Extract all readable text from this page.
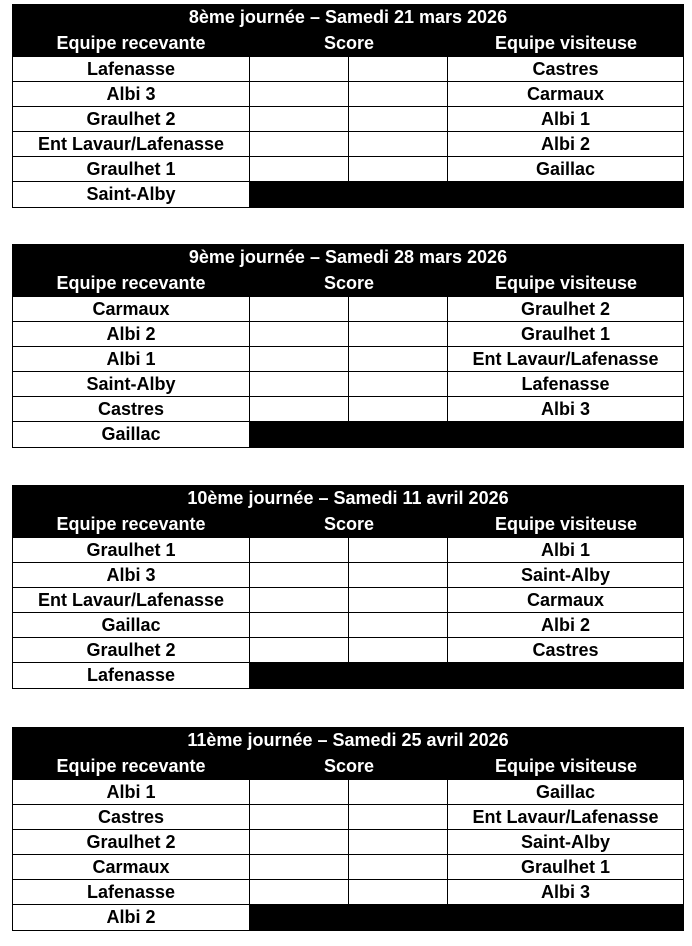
8ème journée – Samedi 21 mars 2026
Equipe recevante	Score	Equipe visiteuse
Lafenasse	Castres
Albi 3	Carmaux
Graulhet 2	Albi 1
Ent Lavaur/Lafenasse	Albi 2
Graulhet 1	Gaillac
Saint-Alby
9ème journée – Samedi 28 mars 2026
Equipe recevante	Score	Equipe visiteuse
Carmaux	Graulhet 2
Albi 2	Graulhet 1
Albi 1	Ent Lavaur/Lafenasse
Saint-Alby	Lafenasse
Castres	Albi 3
Gaillac
10ème journée – Samedi 11 avril 2026
Equipe recevante	Score	Equipe visiteuse
Graulhet 1	Albi 1
Albi 3	Saint-Alby
Ent Lavaur/Lafenasse	Carmaux
Gaillac	Albi 2
Graulhet 2	Castres
Lafenasse
11ème journée – Samedi 25 avril 2026
Equipe recevante	Score	Equipe visiteuse
Albi 1	Gaillac
Castres	Ent Lavaur/Lafenasse
Graulhet 2	Saint-Alby
Carmaux	Graulhet 1
Lafenasse	Albi 3
Albi 2
